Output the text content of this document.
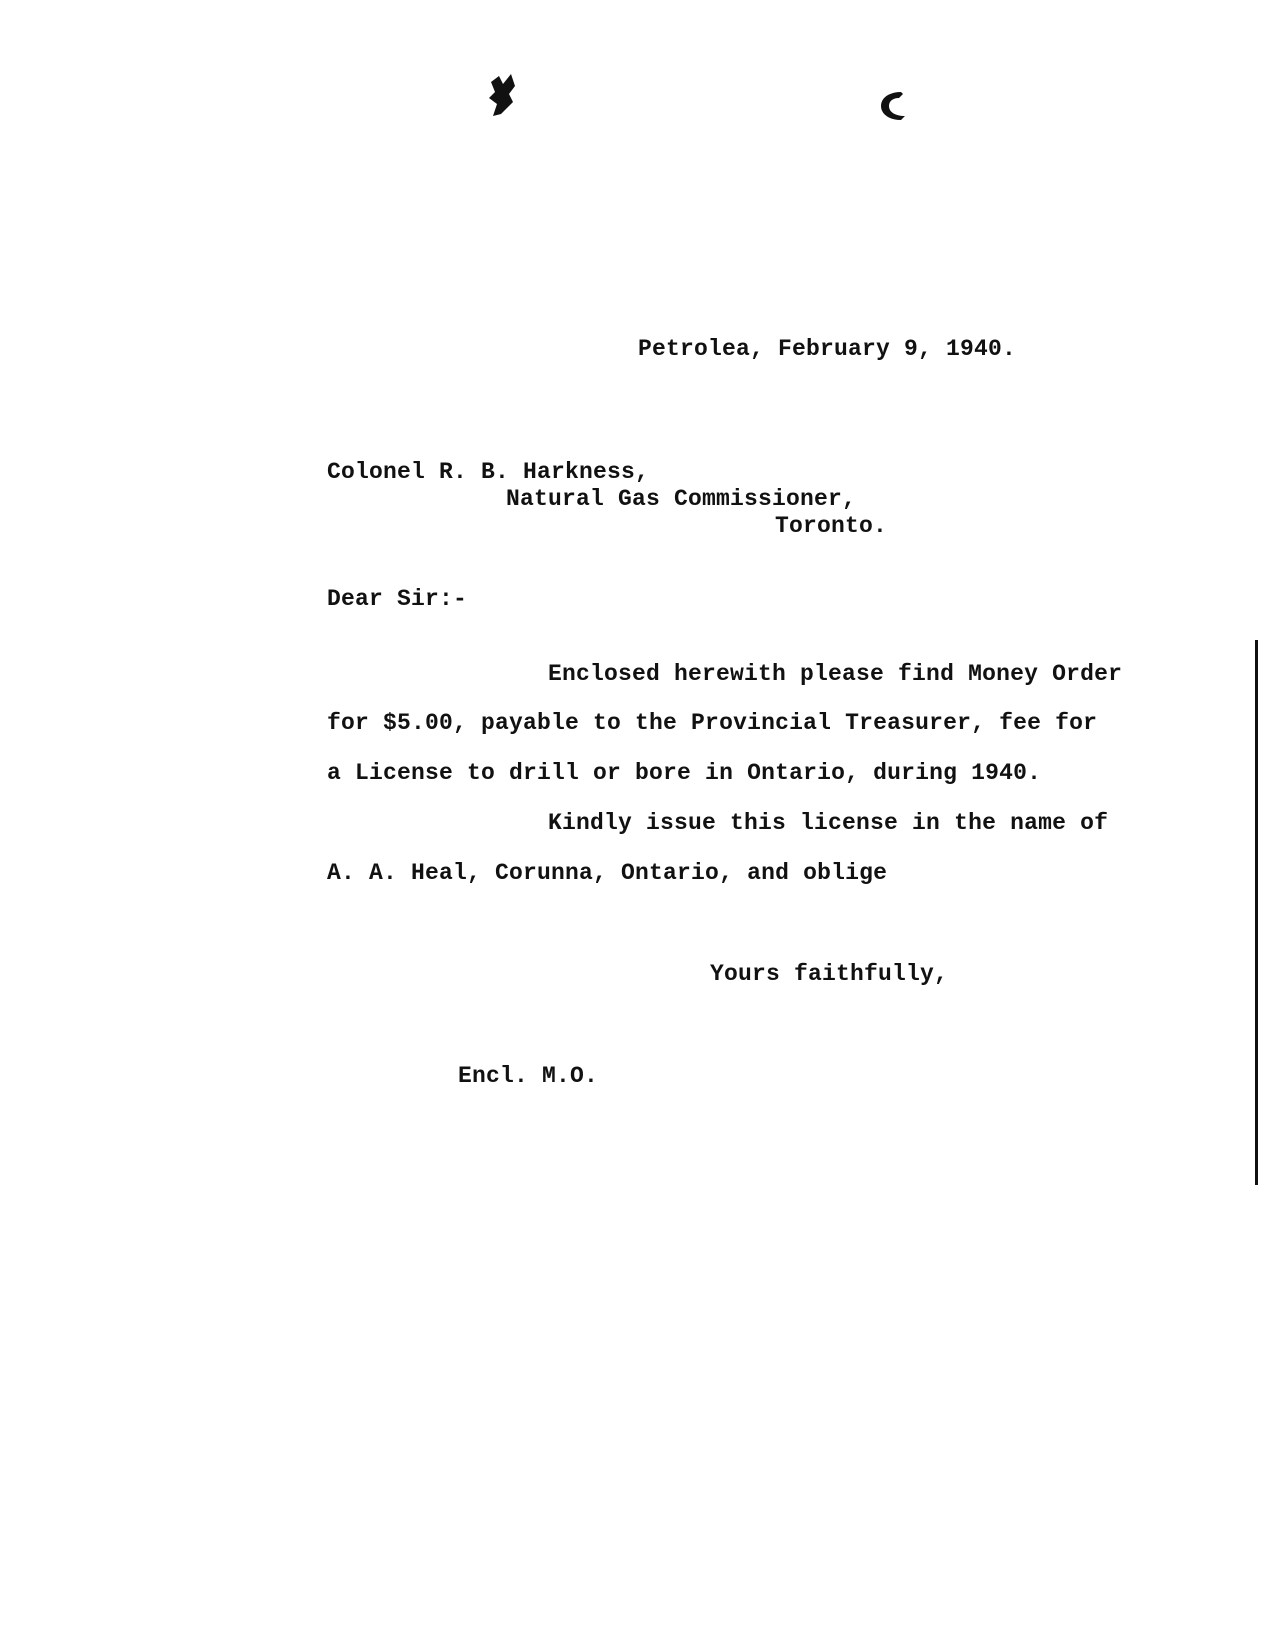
Petrolea, February 9, 1940.
Colonel R. B. Harkness,
Natural Gas Commissioner,
Toronto.
Dear Sir:-
Enclosed herewith please find Money Order
for $5.00, payable to the Provincial Treasurer, fee for
a License to drill or bore in Ontario, during 1940.
Kindly issue this license in the name of
A. A. Heal, Corunna, Ontario, and oblige
Yours faithfully,
Encl. M.O.
